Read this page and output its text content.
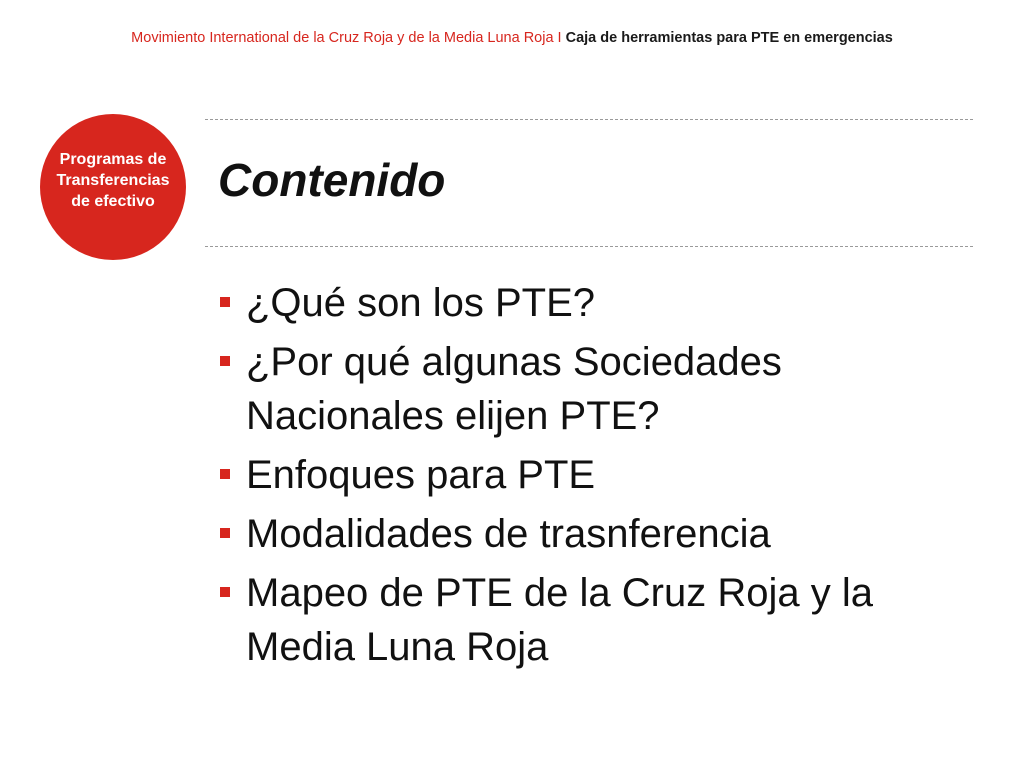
Movimiento International de la Cruz Roja y de la Media Luna Roja I Caja de herramientas para PTE en emergencias
Programas de
Transferencias
de efectivo	Contenido
¿Qué son los PTE?
¿Por qué algunas Sociedades Nacionales elijen PTE?
Enfoques para PTE
Modalidades de trasnferencia
Mapeo de PTE de la Cruz Roja y la Media Luna Roja
